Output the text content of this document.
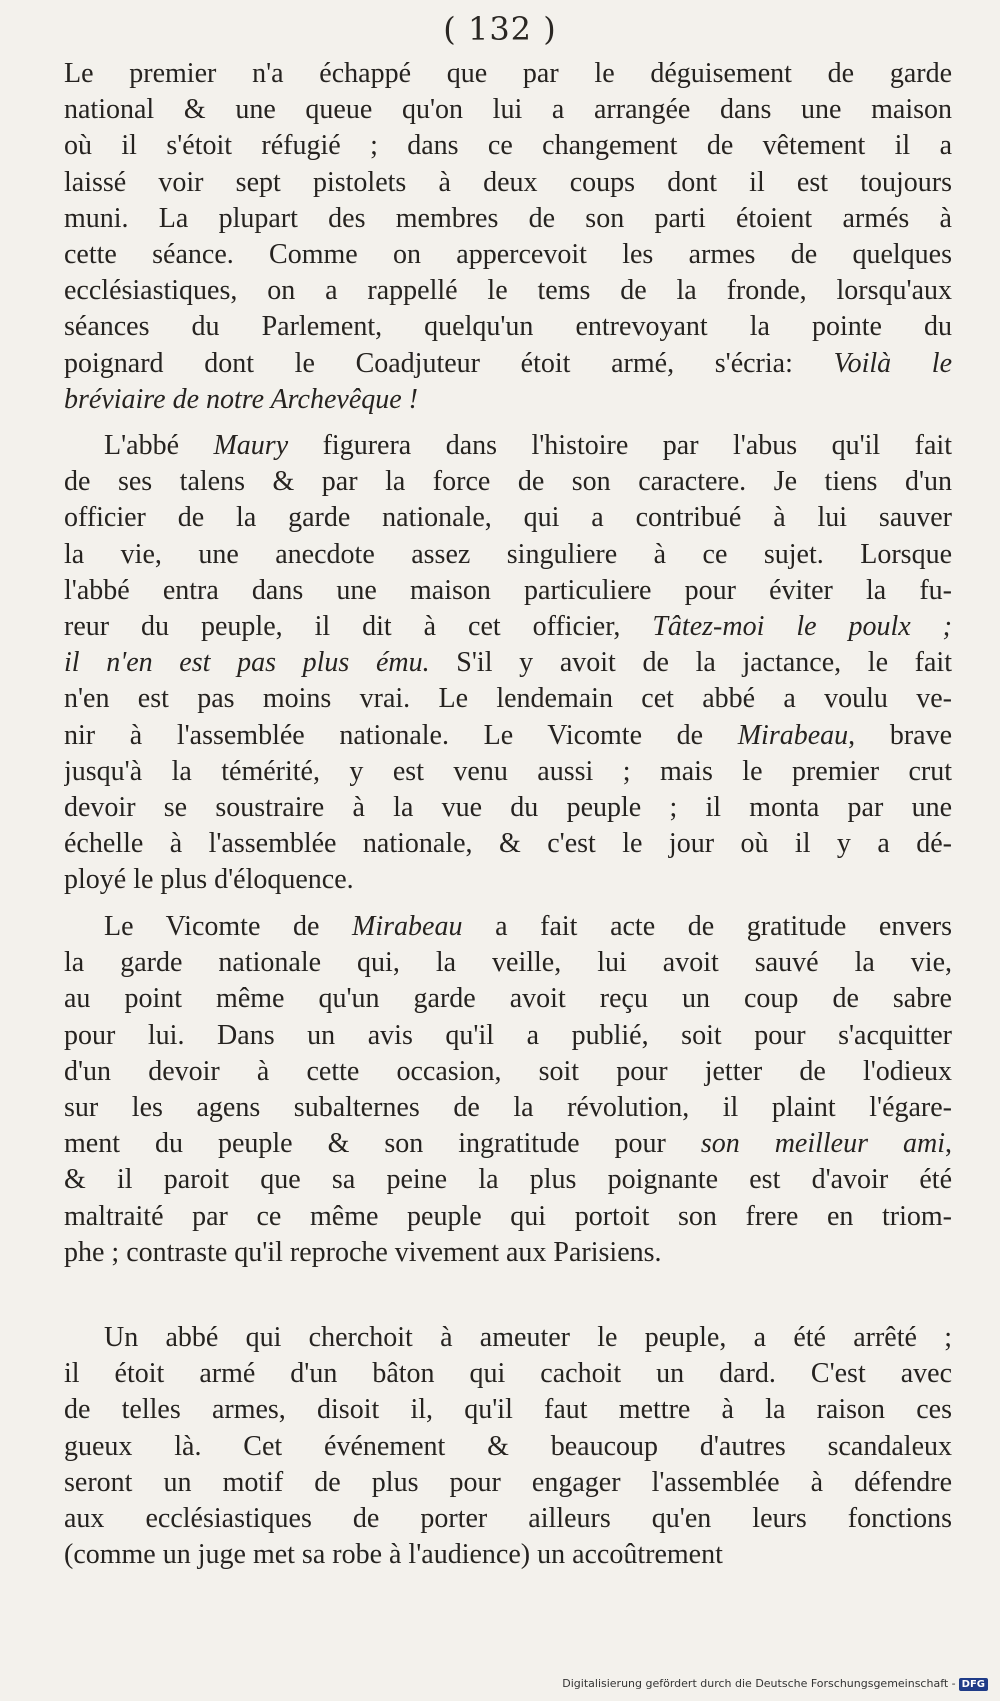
( 132 )
Le premier n'a échappé que par le déguisement de garde
national & une queue qu'on lui a arrangée dans une maison
où il s'étoit réfugié ; dans ce changement de vêtement il a
laissé voir sept pistolets à deux coups dont il est toujours
muni. La plupart des membres de son parti étoient armés à
cette séance. Comme on appercevoit les armes de quelques
ecclésiastiques, on a rappellé le tems de la fronde, lorsqu'aux
séances du Parlement, quelqu'un entrevoyant la pointe du
poignard dont le Coadjuteur étoit armé, s'écria: Voilà le
bréviaire de notre Archevêque !
L'abbé Maury figurera dans l'histoire par l'abus qu'il fait
de ses talens & par la force de son caractere. Je tiens d'un
officier de la garde nationale, qui a contribué à lui sauver
la vie, une anecdote assez singuliere à ce sujet. Lorsque
l'abbé entra dans une maison particuliere pour éviter la fu-
reur du peuple, il dit à cet officier, Tâtez-moi le poulx ;
il n'en est pas plus ému. S'il y avoit de la jactance, le fait
n'en est pas moins vrai. Le lendemain cet abbé a voulu ve-
nir à l'assemblée nationale. Le Vicomte de Mirabeau, brave
jusqu'à la témérité, y est venu aussi ; mais le premier crut
devoir se soustraire à la vue du peuple ; il monta par une
échelle à l'assemblée nationale, & c'est le jour où il y a dé-
ployé le plus d'éloquence.
Le Vicomte de Mirabeau a fait acte de gratitude envers
la garde nationale qui, la veille, lui avoit sauvé la vie,
au point même qu'un garde avoit reçu un coup de sabre
pour lui. Dans un avis qu'il a publié, soit pour s'acquitter
d'un devoir à cette occasion, soit pour jetter de l'odieux
sur les agens subalternes de la révolution, il plaint l'égare-
ment du peuple & son ingratitude pour son meilleur ami,
& il paroit que sa peine la plus poignante est d'avoir été
maltraité par ce même peuple qui portoit son frere en triom-
phe ; contraste qu'il reproche vivement aux Parisiens.
Un abbé qui cherchoit à ameuter le peuple, a été arrêté ;
il étoit armé d'un bâton qui cachoit un dard. C'est avec
de telles armes, disoit il, qu'il faut mettre à la raison ces
gueux là. Cet événement & beaucoup d'autres scandaleux
seront un motif de plus pour engager l'assemblée à défendre
aux ecclésiastiques de porter ailleurs qu'en leurs fonctions
(comme un juge met sa robe à l'audience) un accoûtrement
Digitalisierung gefördert durch die Deutsche Forschungsgemeinschaft - DFG
